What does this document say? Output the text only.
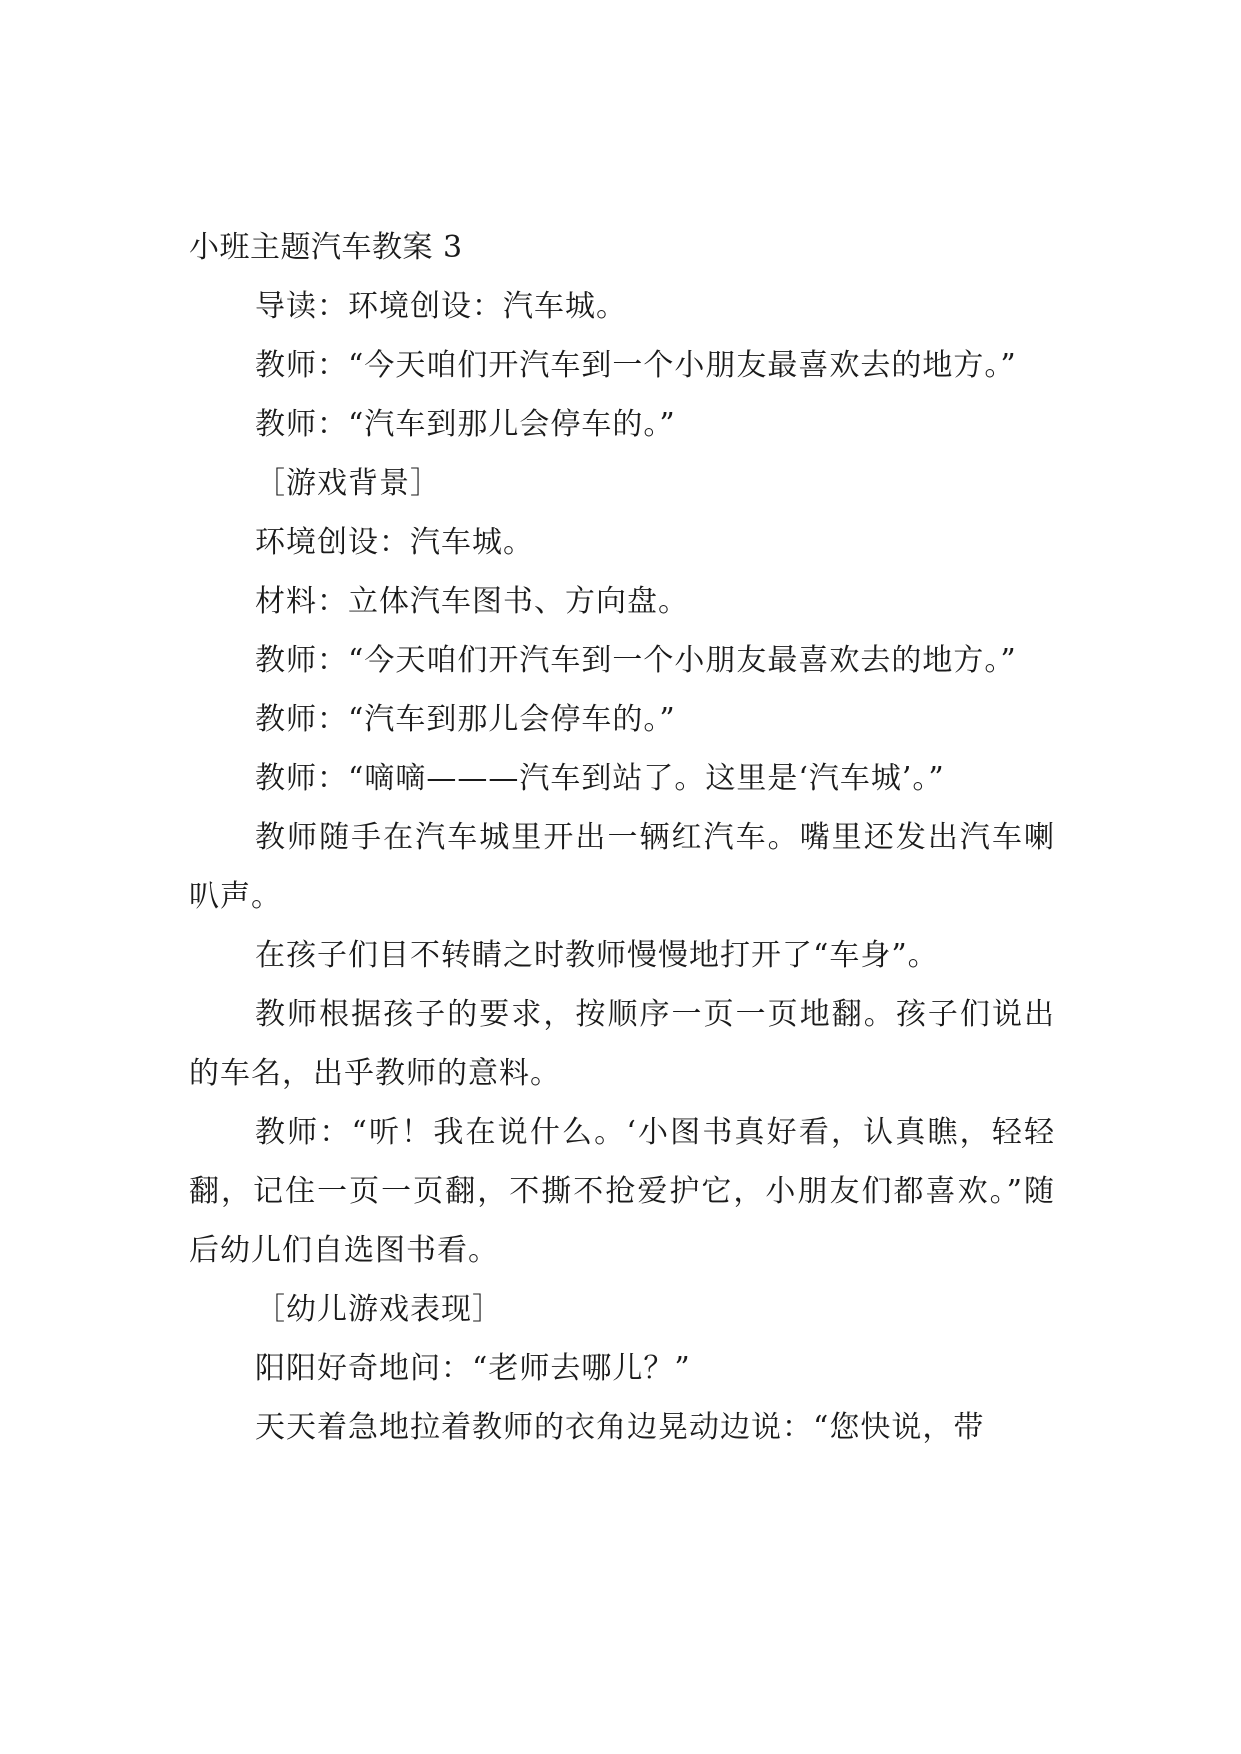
小班主题汽车教案 3
导读：环境创设：汽车城。
教师：“今天咱们开汽车到一个小朋友最喜欢去的地方。”
教师：“汽车到那儿会停车的。”
［游戏背景］
环境创设：汽车城。
材料：立体汽车图书、方向盘。
教师：“今天咱们开汽车到一个小朋友最喜欢去的地方。”
教师：“汽车到那儿会停车的。”
教师：“嘀嘀———汽车到站了。这里是‘汽车城’。”
教师随手在汽车城里开出一辆红汽车。嘴里还发出汽车喇叭声。
在孩子们目不转睛之时教师慢慢地打开了“车身”。
教师根据孩子的要求，按顺序一页一页地翻。孩子们说出的车名，出乎教师的意料。
教师：“听！我在说什么。‘小图书真好看，认真瞧，轻轻翻，记住一页一页翻，不撕不抢爱护它，小朋友们都喜欢。”随后幼儿们自选图书看。
［幼儿游戏表现］
阳阳好奇地问：“老师去哪儿？”
天天着急地拉着教师的衣角边晃动边说：“您快说，带
